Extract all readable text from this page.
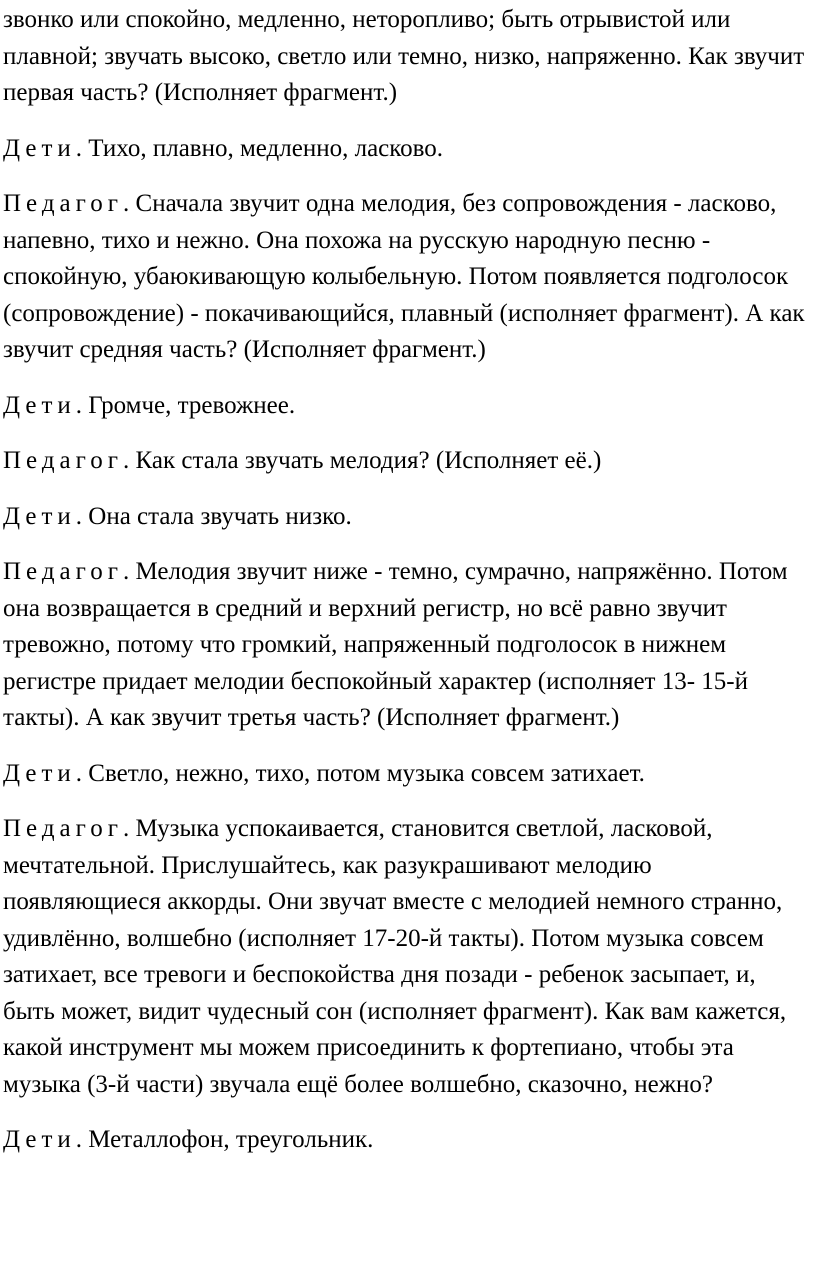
звонко или спокойно, медленно, неторопливо; быть отрывистой или плавной; звучать высоко, светло или темно, низко, напряженно. Как звучит первая часть? (Исполняет фрагмент.)

Дети. Тихо, плавно, медленно, ласково.

Педагог. Сначала звучит одна мелодия, без сопровождения - ласково, напевно, тихо и нежно. Она похожа на русскую народную песню - спокойную, убаюкивающую колыбельную. Потом появляется подголосок (сопровождение) - покачивающийся, плавный (исполняет фрагмент). А как звучит средняя часть? (Исполняет фрагмент.)

Дети. Громче, тревожнее.

Педагог. Как стала звучать мелодия? (Исполняет её.)

Дети. Она стала звучать низко.

Педагог. Мелодия звучит ниже - темно, сумрачно, напряжённо. Потом она возвращается в средний и верхний регистр, но всё равно звучит тревожно, потому что громкий, напряженный подголосок в нижнем регистре придает мелодии беспокойный характер (исполняет 13- 15-й такты). А как звучит третья часть? (Исполняет фрагмент.)

Дети. Светло, нежно, тихо, потом музыка совсем затихает.

Педагог. Музыка успокаивается, становится светлой, ласковой, мечтательной. Прислушайтесь, как разукрашивают мелодию появляющиеся аккорды. Они звучат вместе с мелодией немного странно, удивлённо, волшебно (исполняет 17-20-й такты). Потом музыка совсем затихает, все тревоги и беспокойства дня позади - ребенок засыпает, и, быть может, видит чудесный сон (исполняет фрагмент). Как вам кажется, какой инструмент мы можем присоединить к фортепиано, чтобы эта музыка (3-й части) звучала ещё более волшебно, сказочно, нежно?

Дети. Металлофон, треугольник.
